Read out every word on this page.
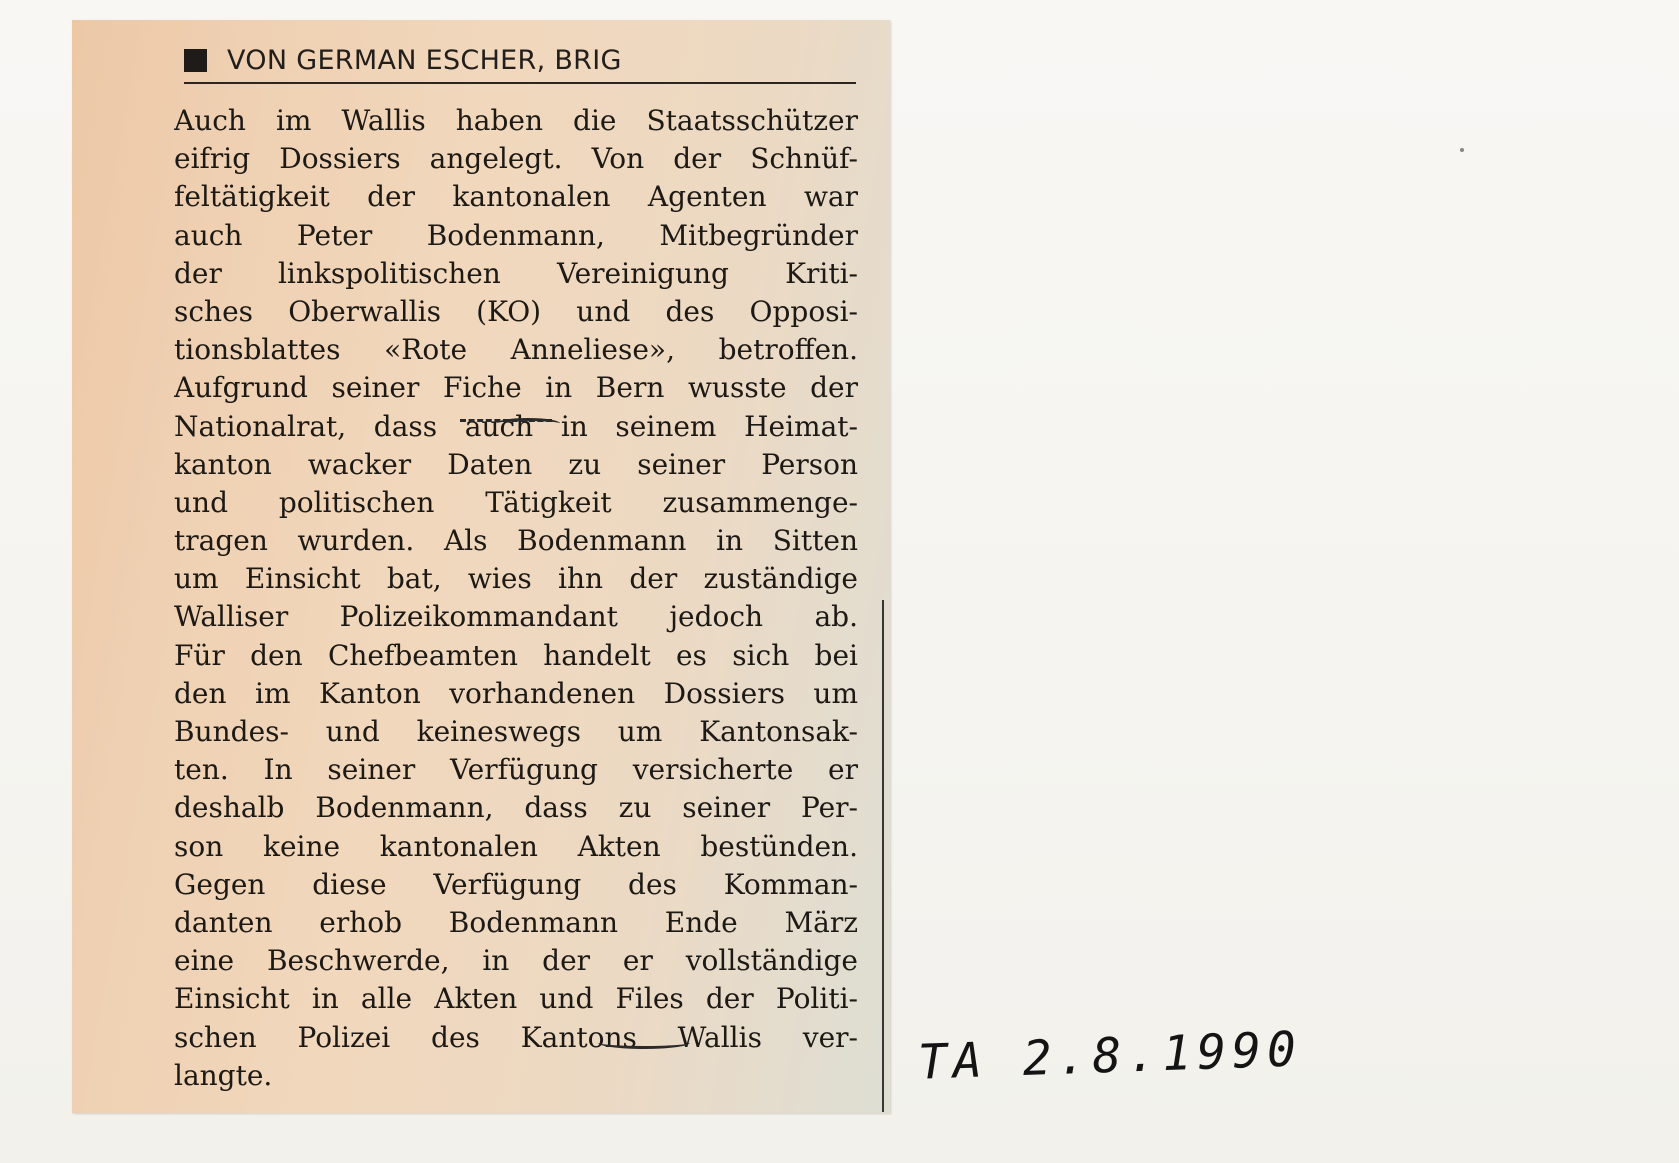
VON GERMAN ESCHER, BRIG
Auch im Wallis haben die Staatsschützer
eifrig Dossiers angelegt. Von der Schnüf-
feltätigkeit der kantonalen Agenten war
auch Peter Bodenmann, Mitbegründer
der linkspolitischen Vereinigung Kriti-
sches Oberwallis (KO) und des Opposi-
tionsblattes «Rote Anneliese», betroffen.
Aufgrund seiner Fiche in Bern wusste der
Nationalrat, dass auch in seinem Heimat-
kanton wacker Daten zu seiner Person
und politischen Tätigkeit zusammenge-
tragen wurden. Als Bodenmann in Sitten
um Einsicht bat, wies ihn der zuständige
Walliser Polizeikommandant jedoch ab.
Für den Chefbeamten handelt es sich bei
den im Kanton vorhandenen Dossiers um
Bundes- und keineswegs um Kantonsak-
ten. In seiner Verfügung versicherte er
deshalb Bodenmann, dass zu seiner Per-
son keine kantonalen Akten bestünden.
Gegen diese Verfügung des Komman-
danten erhob Bodenmann Ende März
eine Beschwerde, in der er vollständige
Einsicht in alle Akten und Files der Politi-
schen Polizei des Kantons Wallis ver-
langte.	TA 2.8.1990
